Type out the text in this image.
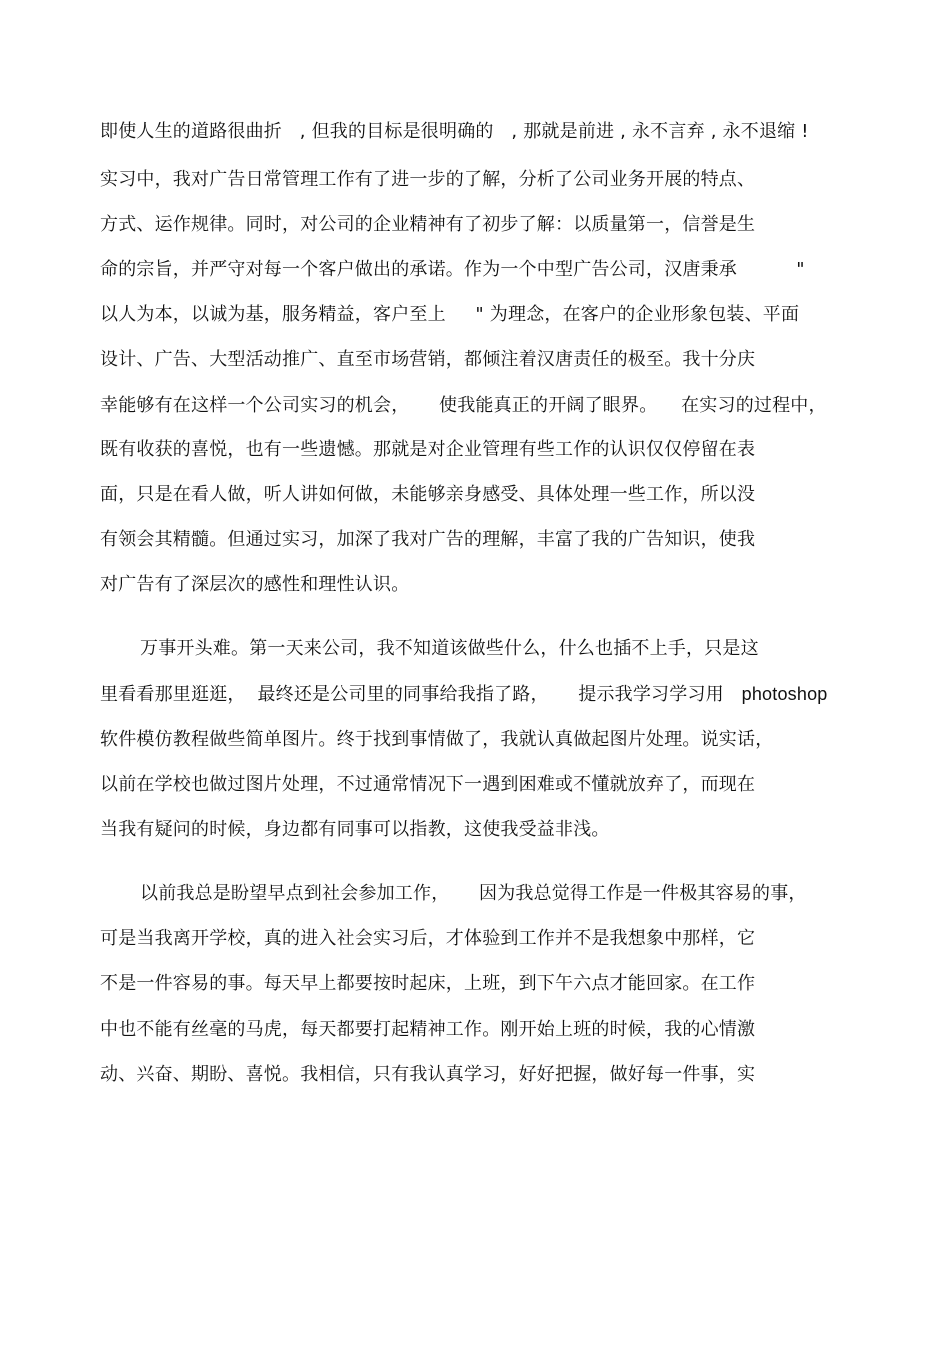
即使人生的道路很曲折   , 但我的目标是很明确的   , 那就是前进 , 永不言弃 , 永不退缩 !
实习中，我对广告日常管理工作有了进一步的了解，分析了公司业务开展的特点、
方式、运作规律。同时，对公司的企业精神有了初步了解：以质量第一，信誉是生
命的宗旨，并严守对每一个客户做出的承诺。作为一个中型广告公司，汉唐秉承          "
以人为本，以诚为基，服务精益，客户至上     " 为理念，在客户的企业形象包装、平面
设计、广告、大型活动推广、直至市场营销，都倾注着汉唐责任的极至。我十分庆
幸能够有在这样一个公司实习的机会，     使我能真正的开阔了眼界。    在实习的过程中，
既有收获的喜悦，也有一些遗憾。那就是对企业管理有些工作的认识仅仅停留在表
面，只是在看人做，听人讲如何做，未能够亲身感受、具体处理一些工作，所以没
有领会其精髓。但通过实习，加深了我对广告的理解，丰富了我的广告知识，使我
对广告有了深层次的感性和理性认识。
万事开头难。第一天来公司，我不知道该做些什么，什么也插不上手，只是这
里看看那里逛逛，  最终还是公司里的同事给我指了路，     提示我学习学习用 photoshop
软件模仿教程做些简单图片。终于找到事情做了，我就认真做起图片处理。说实话，
以前在学校也做过图片处理，不过通常情况下一遇到困难或不懂就放弃了，而现在
当我有疑问的时候，身边都有同事可以指教，这使我受益非浅。
以前我总是盼望早点到社会参加工作，     因为我总觉得工作是一件极其容易的事，
可是当我离开学校，真的进入社会实习后，才体验到工作并不是我想象中那样，它
不是一件容易的事。每天早上都要按时起床，上班，到下午六点才能回家。在工作
中也不能有丝毫的马虎，每天都要打起精神工作。刚开始上班的时候，我的心情激
动、兴奋、期盼、喜悦。我相信，只有我认真学习，好好把握，做好每一件事，实
